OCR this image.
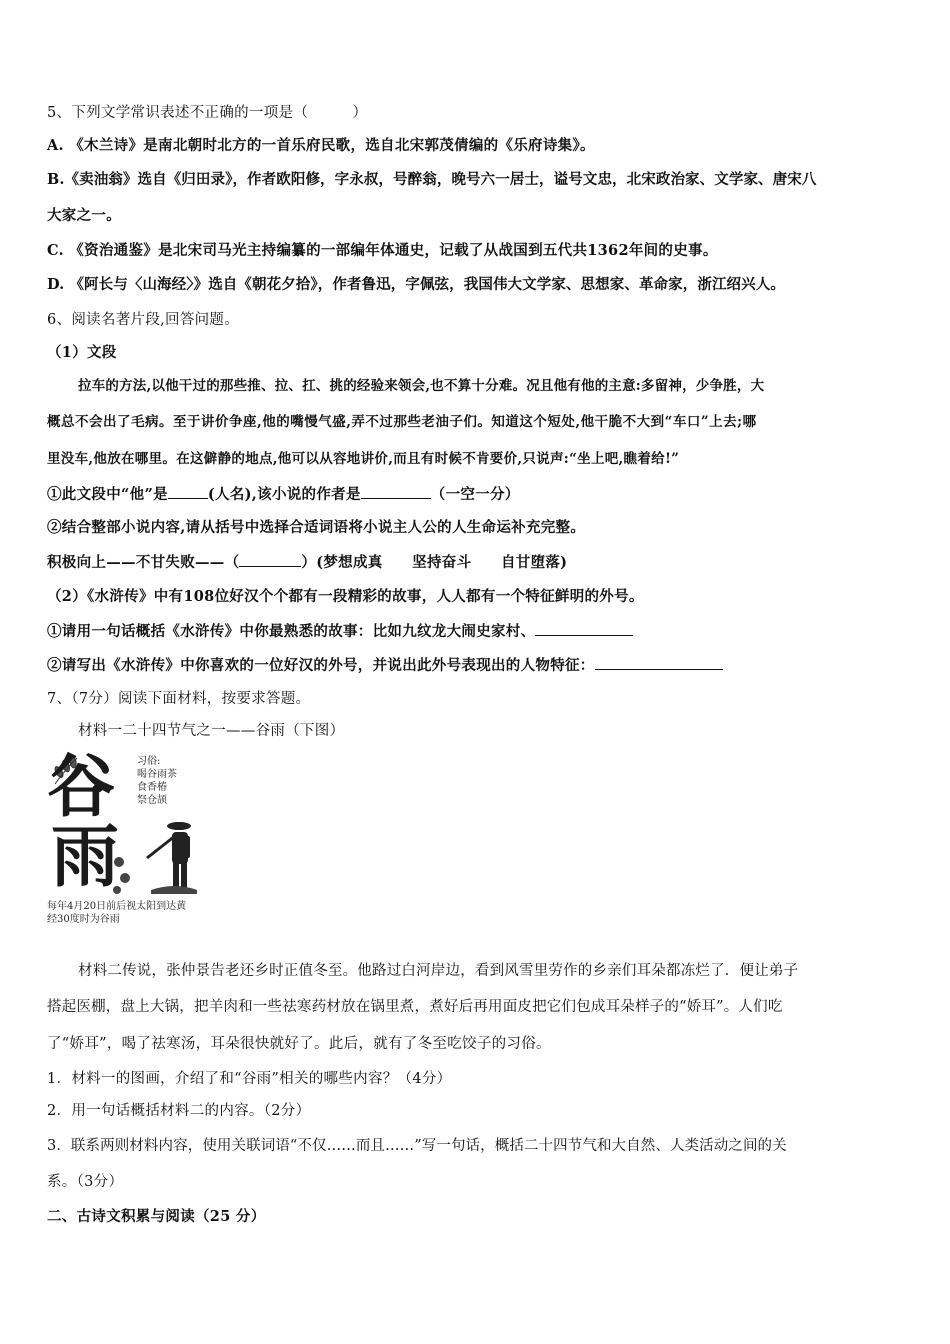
5、下列文学常识表述不正确的一项是（　　　）
A. 《木兰诗》是南北朝时北方的一首乐府民歌，选自北宋郭茂倩编的《乐府诗集》。
B.《卖油翁》选自《归田录》，作者欧阳修，字永叔，号醉翁，晚号六一居士，谥号文忠，北宋政治家、文学家、唐宋八
大家之一。
C. 《资治通鉴》是北宋司马光主持编纂的一部编年体通史，记载了从战国到五代共1362年间的史事。
D. 《阿长与〈山海经〉》选自《朝花夕拾》，作者鲁迅，字佩弦，我国伟大文学家、思想家、革命家，浙江绍兴人。
6、阅读名著片段,回答问题。
（1）文段
拉车的方法,以他干过的那些推、拉、扛、挑的经验来领会,也不算十分难。况且他有他的主意:多留神，少争胜，大
概总不会出了毛病。至于讲价争座,他的嘴慢气盛,弄不过那些老油子们。知道这个短处,他干脆不大到“车口”上去;哪
里没车,他放在哪里。在这僻静的地点,他可以从容地讲价,而且有时候不肯要价,只说声:“坐上吧,瞧着给!”
①此文段中“他”是	(人名),该小说的作者是	（一空一分）
②结合整部小说内容,请从括号中选择合适词语将小说主人公的人生命运补充完整。
积极向上——不甘失败——（	）(梦想成真　　坚持奋斗　　自甘堕落)
（2）《水浒传》中有108位好汉个个都有一段精彩的故事，人人都有一个特征鲜明的外号。
①请用一句话概括《水浒传》中你最熟悉的故事：比如九纹龙大闹史家村、
②请写出《水浒传》中你喜欢的一位好汉的外号，并说出此外号表现出的人物特征：
7、（7分）阅读下面材料，按要求答题。
材料一二十四节气之一——谷雨（下图）
谷
雨
习俗:
喝谷雨茶
食香椿
祭仓颉
每年4月20日前后视太阳到达黄
经30度时为谷雨
材料二传说，张仲景告老还乡时正值冬至。他路过白河岸边，看到风雪里劳作的乡亲们耳朵都冻烂了．便让弟子
搭起医棚，盘上大锅，把羊肉和一些祛寒药材放在锅里煮，煮好后再用面皮把它们包成耳朵样子的“娇耳”。人们吃
了“娇耳”，喝了祛寒汤，耳朵很快就好了。此后，就有了冬至吃饺子的习俗。
1．材料一的图画，介绍了和“谷雨”相关的哪些内容？（4分）
2．用一句话概括材料二的内容。（2分）
3．联系两则材料内容，使用关联词语“不仅……而且……”写一句话，概括二十四节气和大自然、人类活动之间的关
系。（3分）
二、古诗文积累与阅读（25 分）
